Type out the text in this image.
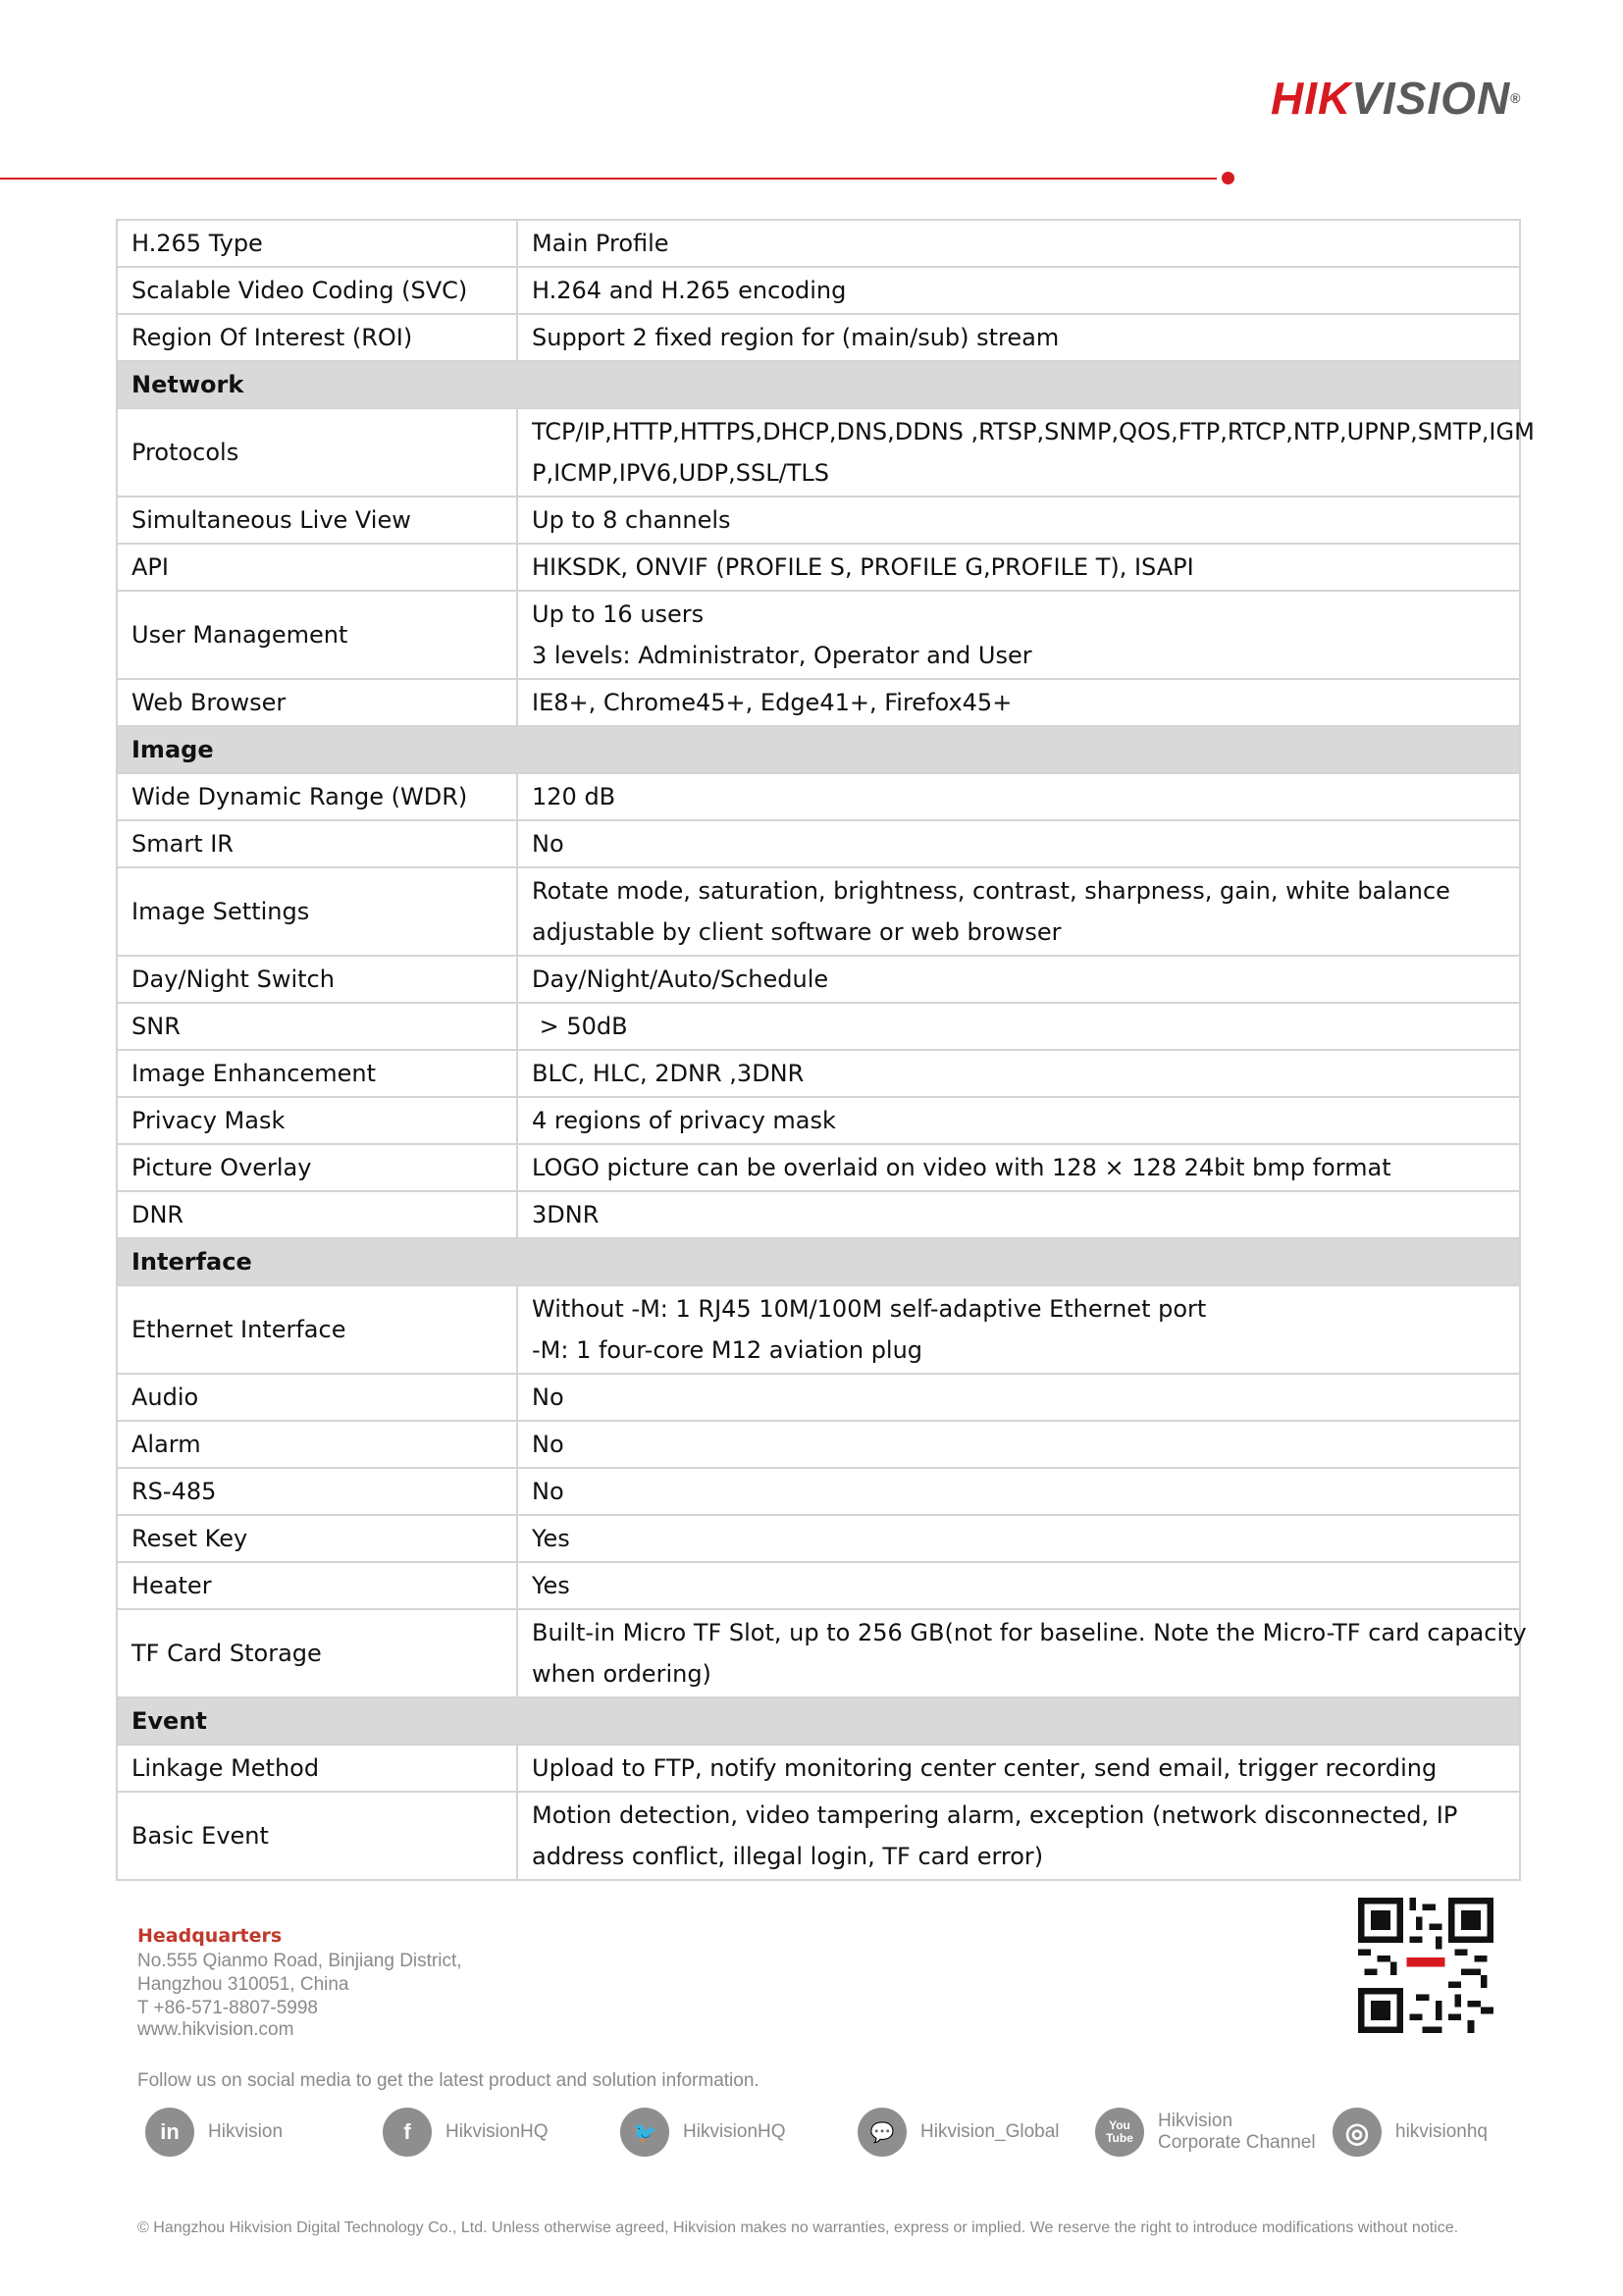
HIKVISION®
H.265 Type	Main Profile

Scalable Video Coding (SVC)	H.264 and H.265 encoding

Region Of Interest (ROI)	Support 2 fixed region for (main/sub) stream

Network	
Protocols	TCP/IP,HTTP,HTTPS,DHCP,DNS,DDNS ,RTSP,SNMP,QOS,FTP,RTCP,NTP,UPNP,SMTP,IGM
P,ICMP,IPV6,UDP,SSL/TLS

Simultaneous Live View	Up to 8 channels

API	HIKSDK, ONVIF (PROFILE S, PROFILE G,PROFILE T), ISAPI

User Management	Up to 16 users
3 levels: Administrator, Operator and User

Web Browser	IE8+, Chrome45+, Edge41+, Firefox45+

Image	
Wide Dynamic Range (WDR)	120 dB

Smart IR	No

Image Settings	Rotate mode, saturation, brightness, contrast, sharpness, gain, white balance
adjustable by client software or web browser

Day/Night Switch	Day/Night/Auto/Schedule

SNR	> 50dB

Image Enhancement	BLC, HLC, 2DNR ,3DNR

Privacy Mask	4 regions of privacy mask

Picture Overlay	LOGO picture can be overlaid on video with 128 × 128 24bit bmp format

DNR	3DNR

Interface	
Ethernet Interface	Without -M: 1 RJ45 10M/100M self-adaptive Ethernet port
-M: 1 four-core M12 aviation plug

Audio	No

Alarm	No

RS-485	No

Reset Key	Yes

Heater	Yes

TF Card Storage	Built-in Micro TF Slot, up to 256 GB(not for baseline. Note the Micro-TF card capacity
when ordering)

Event	
Linkage Method	Upload to FTP, notify monitoring center center, send email, trigger recording

Basic Event	Motion detection, video tampering alarm, exception (network disconnected, IP
address conflict, illegal login, TF card error)
Headquarters
No.555 Qianmo Road, Binjiang District,
Hangzhou 310051, China
T +86-571-8807-5998
www.hikvision.com
Follow us on social media to get the latest product and solution information.
in	Hikvision	f	HikvisionHQ	🐦	HikvisionHQ	💬	Hikvision_Global	You
Tube
Hikvision
Corporate Channel	◎	hikvisionhq
© Hangzhou Hikvision Digital Technology Co., Ltd. Unless otherwise agreed, Hikvision makes no warranties, express or implied. We reserve the right to introduce modifications without notice.
